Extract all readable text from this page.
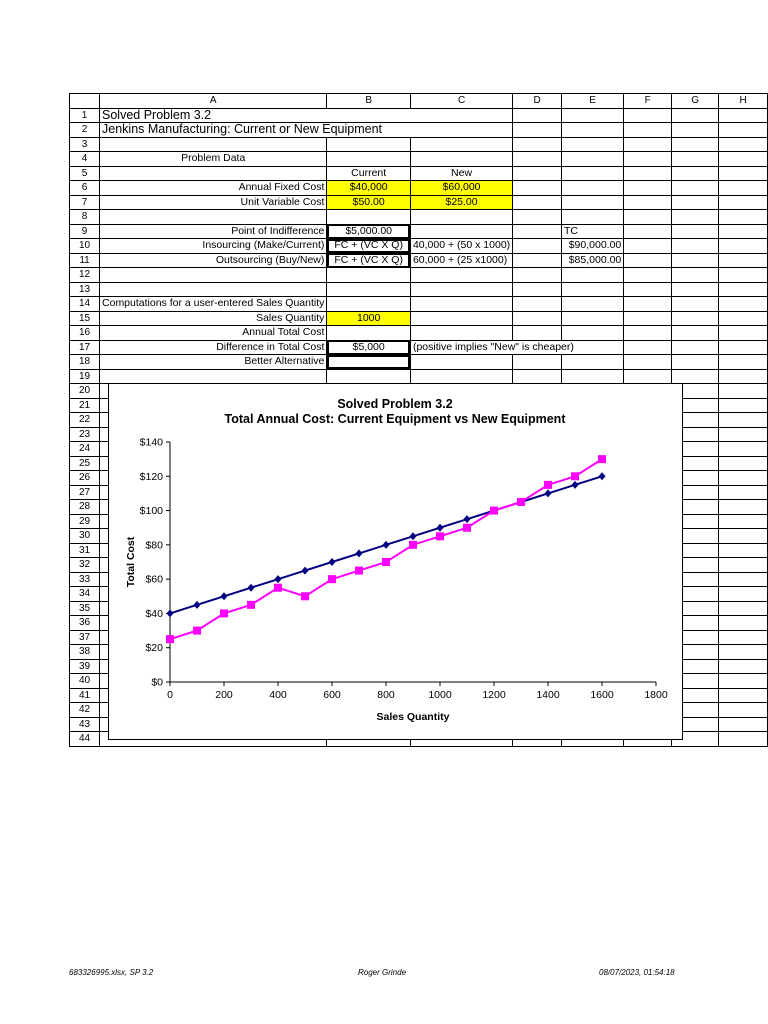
	A	B	C	D	E	F	G	H
1	Solved Problem 3.2							
2	Jenkins Manufacturing: Current or New Equipment							
3								
4	Problem Data							
5		Current	New					
6	Annual Fixed Cost	$40,000	$60,000					
7	Unit Variable Cost	$50.00	$25.00					
8								
9	Point of Indifference	$5,000.00			TC			
10	Insourcing (Make/Current)	FC + (VC X Q)	40,000 + (50 x 1000)		$90,000.00			
11	Outsourcing (Buy/New)	FC + (VC X Q)	60,000 + (25 x1000)		$85,000.00			
12								
13								
14	Computations for a user-entered Sales Quantity							
15	Sales Quantity	1000						
16	Annual Total Cost							
17	Difference in Total Cost	$5,000	(positive implies "New" is cheaper)					
18	Better Alternative							
19								
20								
21								
22								
23								
24								
25								
26								
27								
28								
29								
30								
31								
32								
33								
34								
35								
36								
37								
38								
39								
40								
41								
42								
43								
44								
Solved Problem 3.2
Total Annual Cost: Current Equipment vs New Equipment
$0
$20
$40
$60
$80
$100
$120
$140
0	200	400	600	800	1000	1200	1400	1600	1800
Sales Quantity
Total Cost
683326995.xlsx, SP 3.2	Roger Grinde	08/07/2023, 01:54:18
